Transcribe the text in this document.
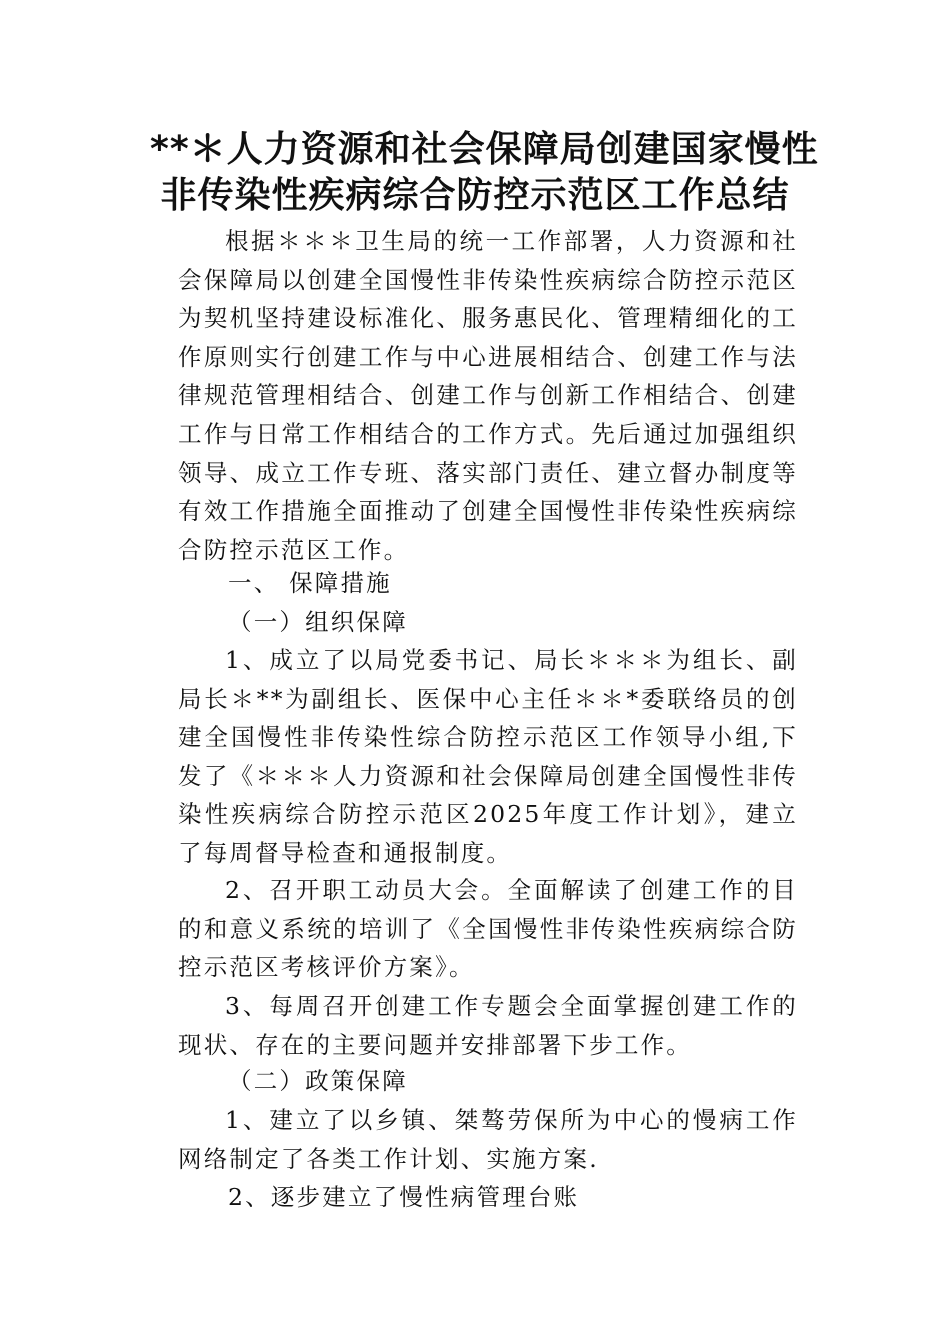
**＊人力资源和社会保障局创建国家慢性
非传染性疾病综合防控示范区工作总结

根据＊＊＊卫生局的统一工作部署，人力资源和社会保障局以创建全国慢性非传染性疾病综合防控示范区为契机坚持建设标准化、服务惠民化、管理精细化的工作原则实行创建工作与中心进展相结合、创建工作与法律规范管理相结合、创建工作与创新工作相结合、创建工作与日常工作相结合的工作方式。先后通过加强组织领导、成立工作专班、落实部门责任、建立督办制度等有效工作措施全面推动了创建全国慢性非传染性疾病综合防控示范区工作。

一、 保障措施

（一）组织保障

1、成立了以局党委书记、局长＊＊＊为组长、副局长＊**为副组长、医保中心主任＊＊*委联络员的创建全国慢性非传染性综合防控示范区工作领导小组,下发了《＊＊＊人力资源和社会保障局创建全国慢性非传染性疾病综合防控示范区2025年度工作计划》，建立了每周督导检查和通报制度。

2、召开职工动员大会。全面解读了创建工作的目的和意义系统的培训了《全国慢性非传染性疾病综合防控示范区考核评价方案》。

3、每周召开创建工作专题会全面掌握创建工作的现状、存在的主要问题并安排部署下步工作。

（二）政策保障

1、建立了以乡镇、桀骜劳保所为中心的慢病工作网络制定了各类工作计划、实施方案.

2、逐步建立了慢性病管理台账
